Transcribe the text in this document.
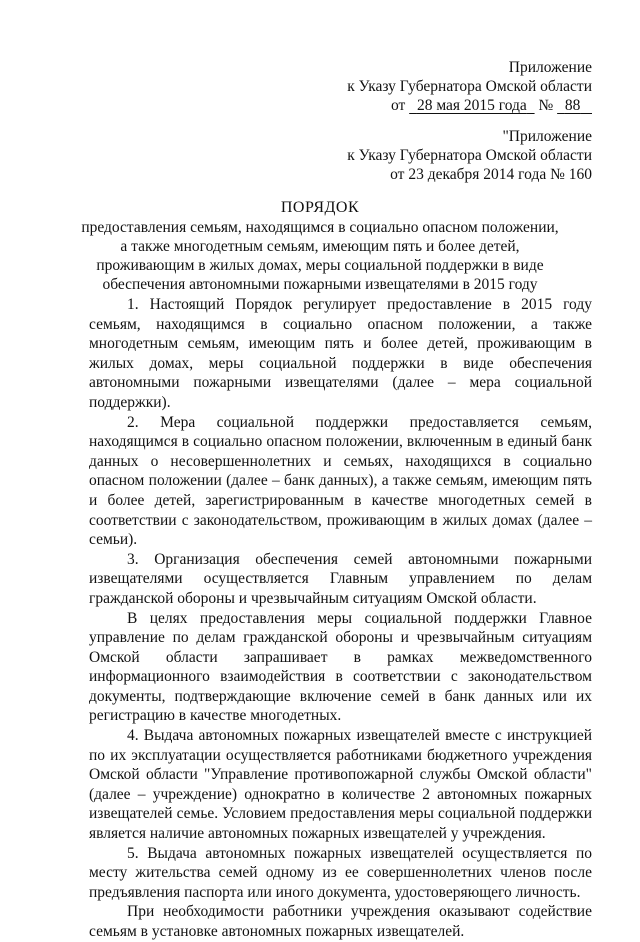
Приложение
к Указу Губернатора Омской области
от 28 мая 2015 года № 88
"Приложение
к Указу Губернатора Омской области
от 23 декабря 2014 года № 160
ПОРЯДОК
предоставления семьям, находящимся в социально опасном положении, а также многодетным семьям, имеющим пять и более детей, проживающим в жилых домах, меры социальной поддержки в виде обеспечения автономными пожарными извещателями в 2015 году

1. Настоящий Порядок регулирует предоставление в 2015 году семьям, находящимся в социально опасном положении, а также многодетным семьям, имеющим пять и более детей, проживающим в жилых домах, меры социальной поддержки в виде обеспечения автономными пожарными извещателями (далее – мера социальной поддержки).

2. Мера социальной поддержки предоставляется семьям, находящимся в социально опасном положении, включенным в единый банк данных о несовершеннолетних и семьях, находящихся в социально опасном положении (далее – банк данных), а также семьям, имеющим пять и более детей, зарегистрированным в качестве многодетных семей в соответствии с законодательством, проживающим в жилых домах (далее – семьи).

3. Организация обеспечения семей автономными пожарными извещателями осуществляется Главным управлением по делам гражданской обороны и чрезвычайным ситуациям Омской области.

В целях предоставления меры социальной поддержки Главное управление по делам гражданской обороны и чрезвычайным ситуациям Омской области запрашивает в рамках межведомственного информационного взаимодействия в соответствии с законодательством документы, подтверждающие включение семей в банк данных или их регистрацию в качестве многодетных.

4. Выдача автономных пожарных извещателей вместе с инструкцией по их эксплуатации осуществляется работниками бюджетного учреждения Омской области "Управление противопожарной службы Омской области" (далее – учреждение) однократно в количестве 2 автономных пожарных извещателей семье. Условием предоставления меры социальной поддержки является наличие автономных пожарных извещателей у учреждения.

5. Выдача автономных пожарных извещателей осуществляется по месту жительства семей одному из ее совершеннолетних членов после предъявления паспорта или иного документа, удостоверяющего личность.

При необходимости работники учреждения оказывают содействие семьям в установке автономных пожарных извещателей.
